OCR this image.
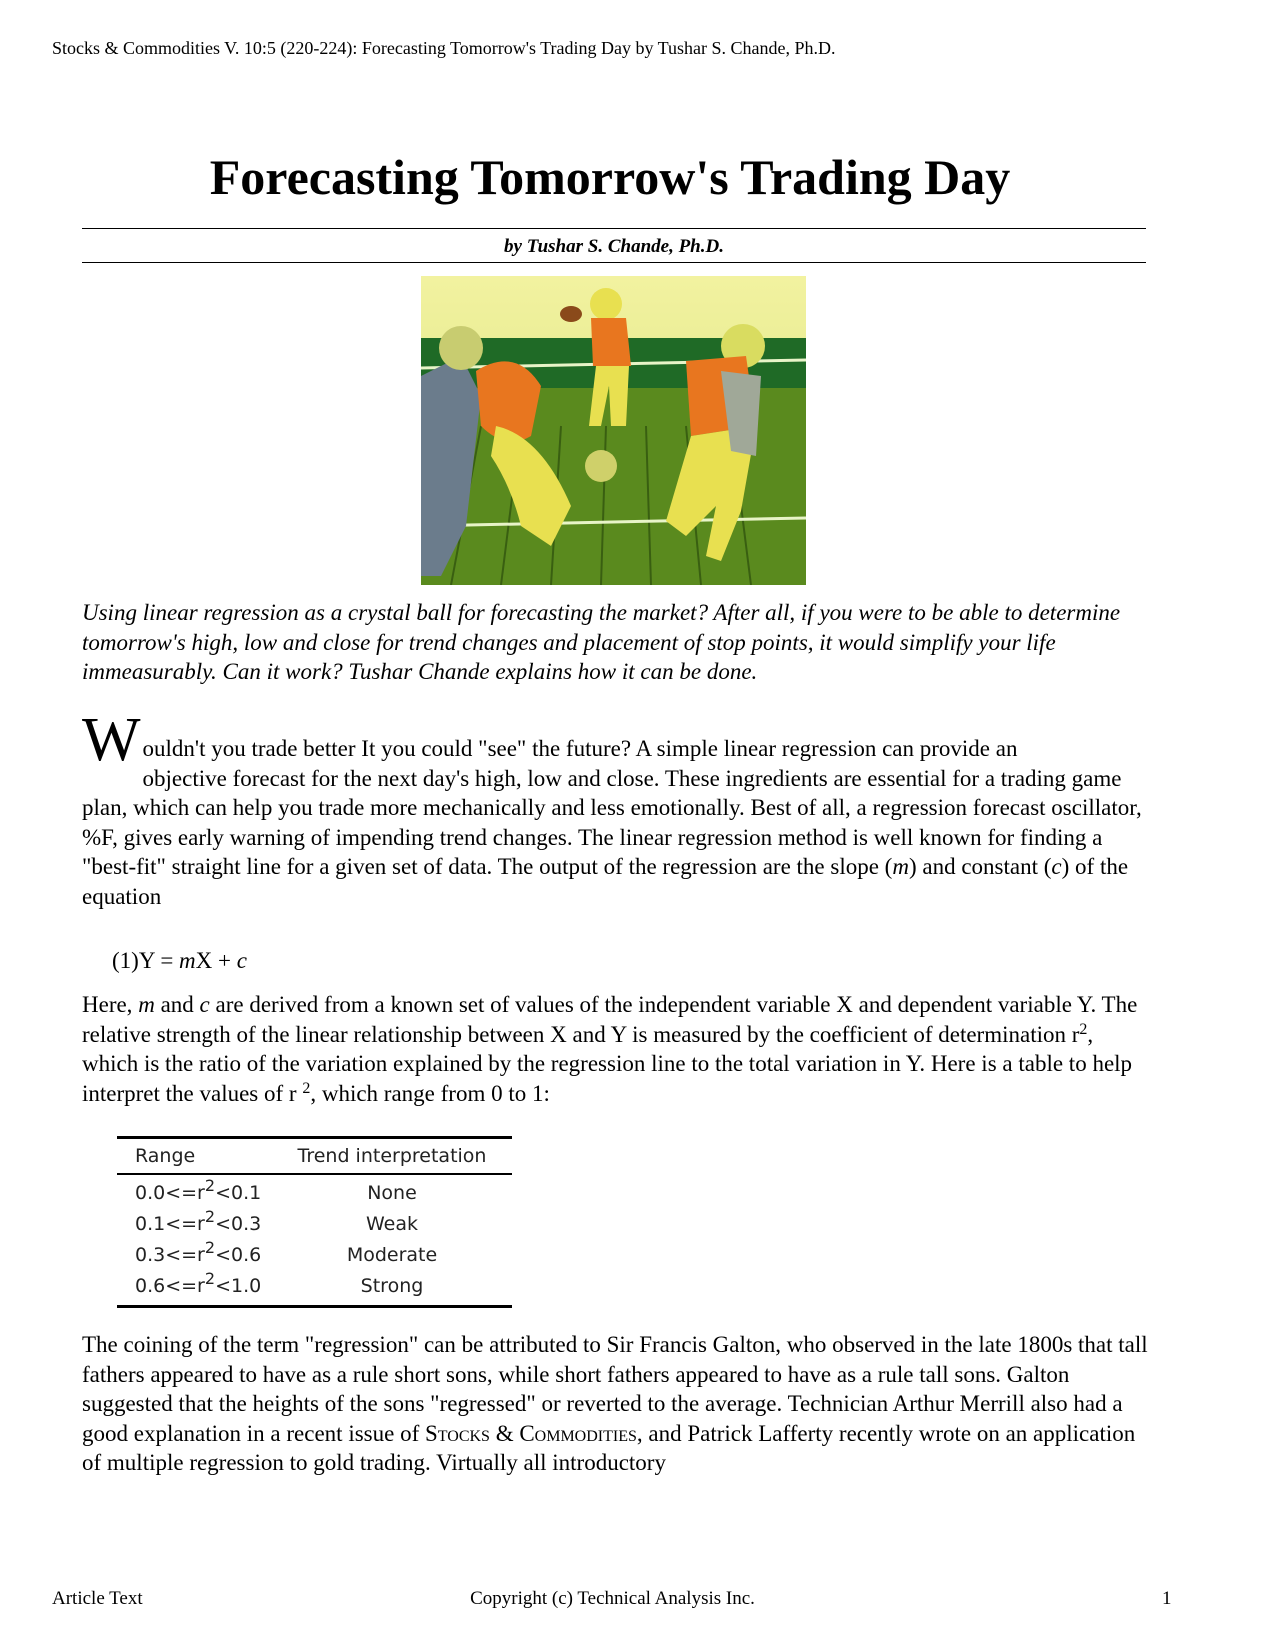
Stocks & Commodities V. 10:5 (220-224): Forecasting Tomorrow's Trading Day by Tushar S. Chande, Ph.D.
Forecasting Tomorrow's Trading Day
by Tushar S. Chande, Ph.D.
Using linear regression as a crystal ball for forecasting the market? After all, if you were to be able to determine tomorrow's high, low and close for trend changes and placement of stop points, it would simplify your life immeasurably. Can it work? Tushar Chande explains how it can be done.
W ouldn't you trade better It you could "see" the future? A simple linear regression can provide an
objective forecast for the next day's high, low and close. These ingredients are essential for a trading game plan, which can help you trade more mechanically and less emotionally. Best of all, a regression forecast oscillator, %F, gives early warning of impending trend changes. The linear regression method is well known for finding a "best-fit" straight line for a given set of data. The output of the regression are the slope (m) and constant (c) of the equation
(1)Y = mX + c
Here, m and c are derived from a known set of values of the independent variable X and dependent variable Y. The relative strength of the linear relationship between X and Y is measured by the coefficient of determination $r^2$, which is the ratio of the variation explained by the regression line to the total variation in Y. Here is a table to help interpret the values of r $^2$, which range from 0 to 1:
Range	Trend interpretation
$0.0<=r^2<0.1$	None
$0.1<=r^2<0.3$	Weak
$0.3<=r^2<0.6$	Moderate
$0.6<=r^2<1.0$	Strong
The coining of the term "regression" can be attributed to Sir Francis Galton, who observed in the late 1800s that tall fathers appeared to have as a rule short sons, while short fathers appeared to have as a rule tall sons. Galton suggested that the heights of the sons "regressed" or reverted to the average. Technician Arthur Merrill also had a good explanation in a recent issue of Stocks & Commodities, and Patrick Lafferty recently wrote on an application of multiple regression to gold trading. Virtually all introductory
Article Text	Copyright (c) Technical Analysis Inc.	1
